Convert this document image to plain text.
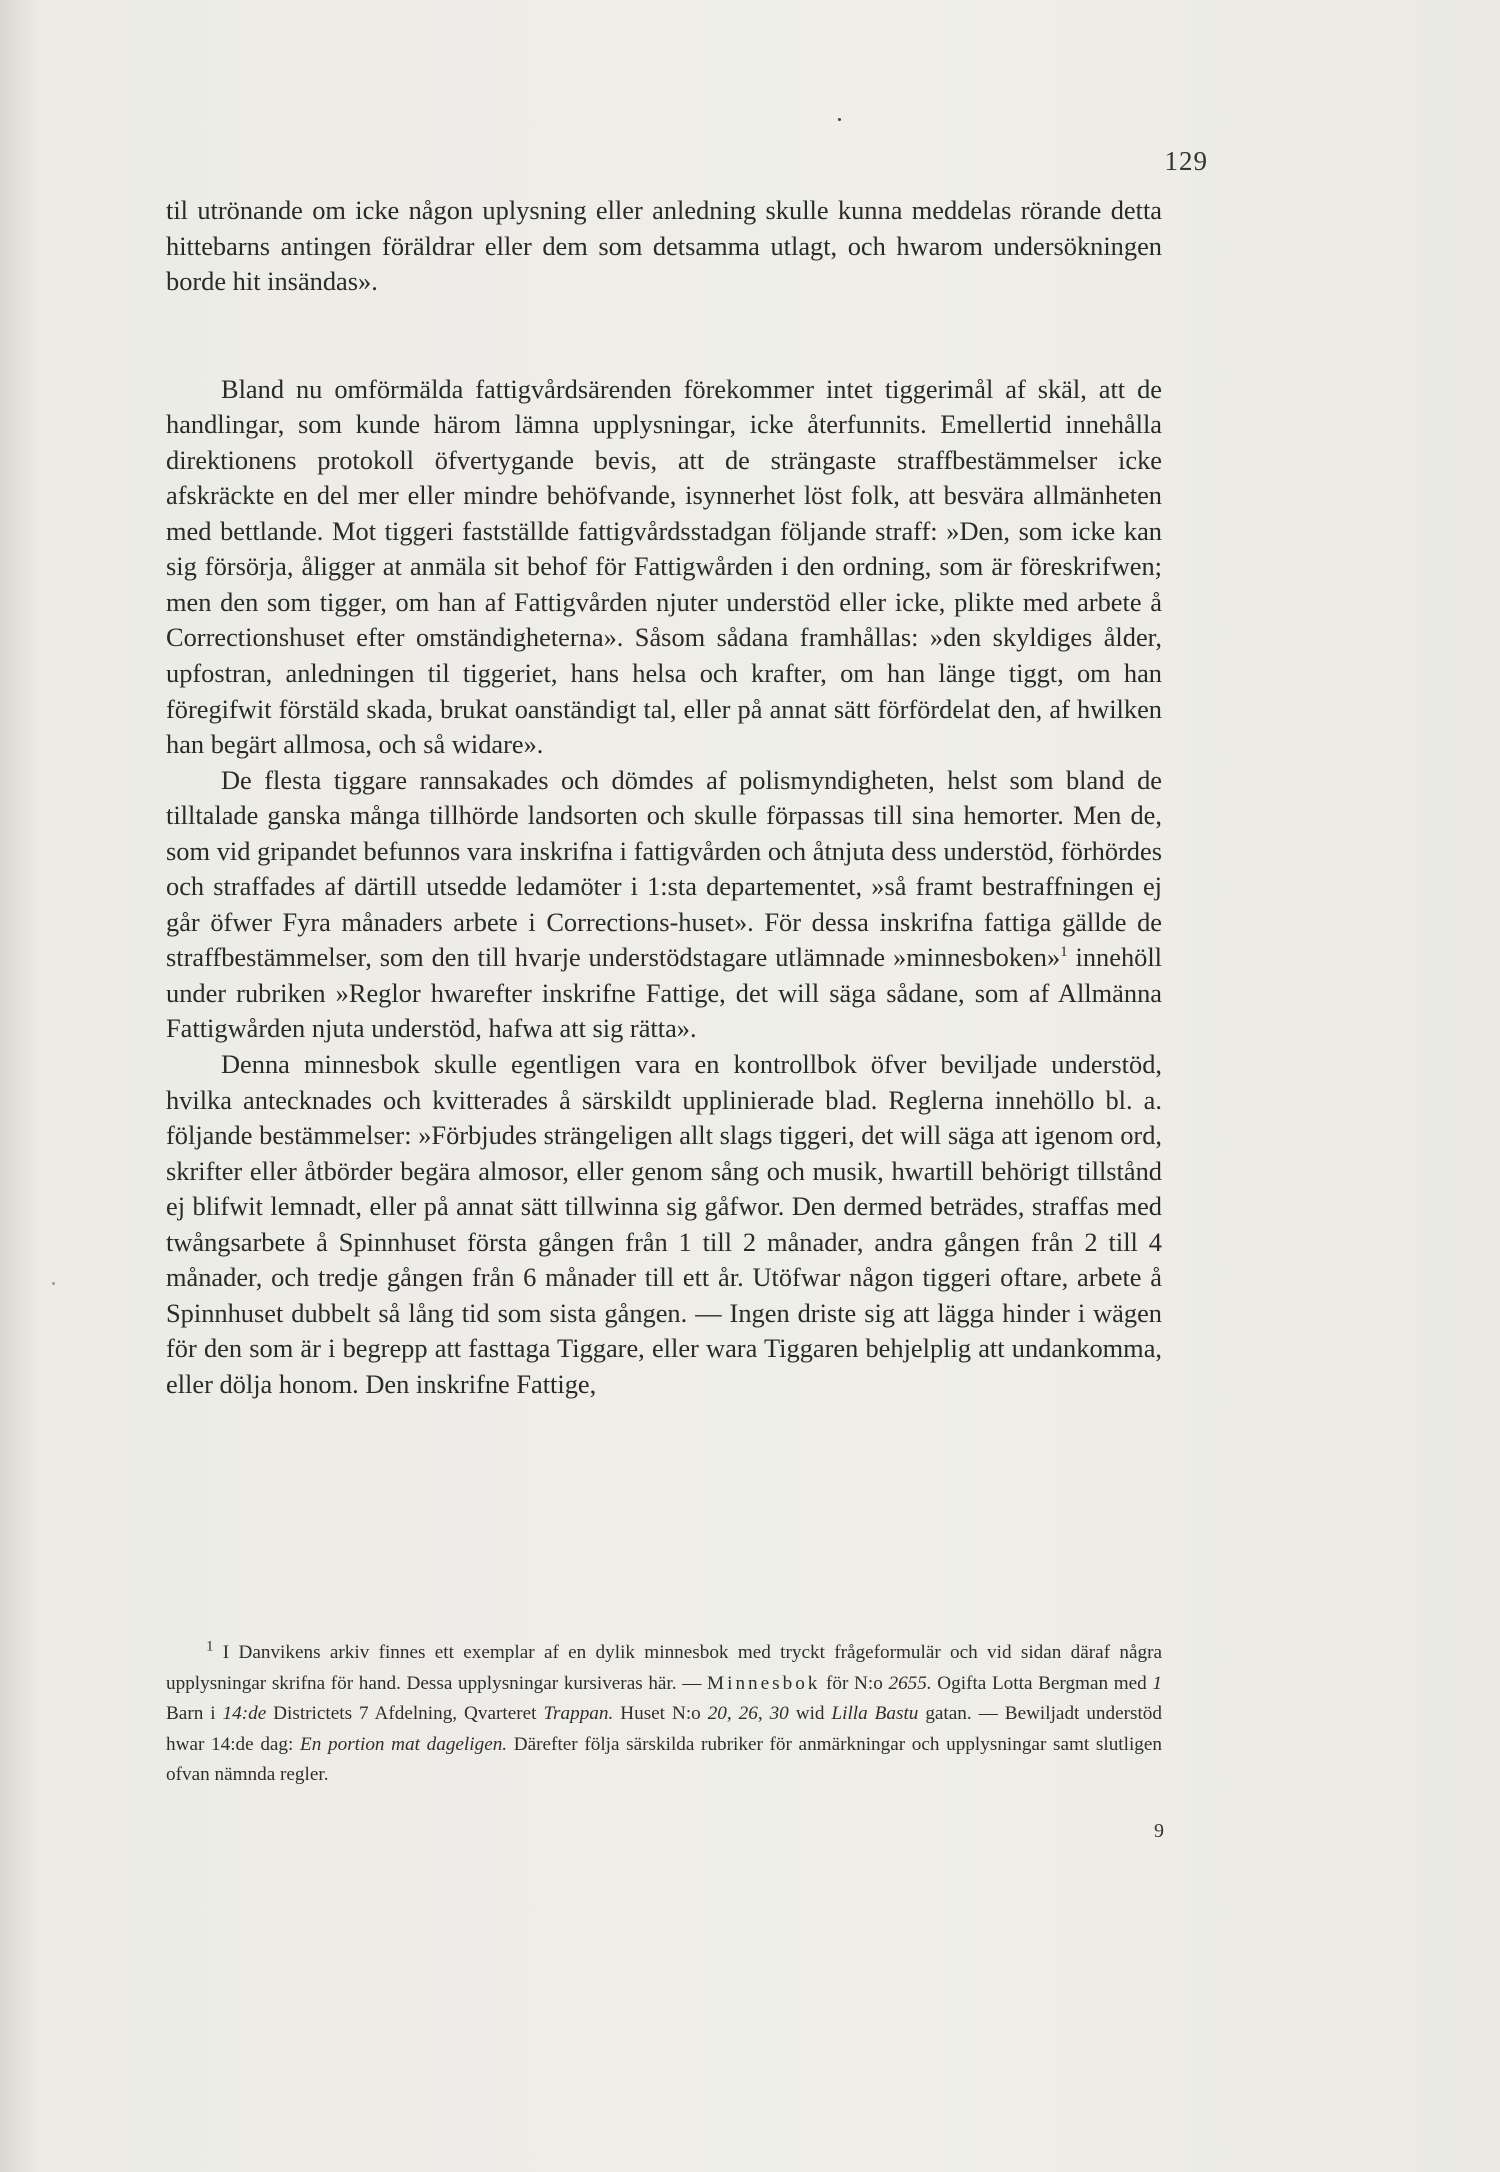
129

til utrönande om icke någon uplysning eller anledning skulle kunna meddelas rörande detta hittebarns antingen föräldrar eller dem som detsamma utlagt, och hwarom undersökningen borde hit insändas».

Bland nu omförmälda fattigvårdsärenden förekommer intet tiggerimål af skäl, att de handlingar, som kunde härom lämna upplysningar, icke återfunnits. Emellertid innehålla direktionens protokoll öfvertygande bevis, att de strängaste straffbestämmelser icke afskräckte en del mer eller mindre behöfvande, isynnerhet löst folk, att besvära allmänheten med bettlande. Mot tiggeri fastställde fattigvårdsstadgan följande straff: »Den, som icke kan sig försörja, åligger at anmäla sit behof för Fattigwården i den ordning, som är föreskrifwen; men den som tigger, om han af Fattigvården njuter understöd eller icke, plikte med arbete å Correctionshuset efter omständigheterna». Såsom sådana framhållas: »den skyldiges ålder, upfostran, anledningen til tiggeriet, hans helsa och krafter, om han länge tiggt, om han föregifwit förstäld skada, brukat oanständigt tal, eller på annat sätt förfördelat den, af hwilken han begärt allmosa, och så widare».

De flesta tiggare rannsakades och dömdes af polismyndigheten, helst som bland de tilltalade ganska många tillhörde landsorten och skulle förpassas till sina hemorter. Men de, som vid gripandet befunnos vara inskrifna i fattigvården och åtnjuta dess understöd, förhördes och straffades af därtill utsedde ledamöter i 1:sta departementet, »så framt bestraffningen ej går öfwer Fyra månaders arbete i Corrections-huset». För dessa inskrifna fattiga gällde de straffbestämmelser, som den till hvarje understödstagare utlämnade »minnesboken»$^1$ innehöll under rubriken »Reglor hwarefter inskrifne Fattige, det will säga sådane, som af Allmänna Fattigwården njuta understöd, hafwa att sig rätta».

Denna minnesbok skulle egentligen vara en kontrollbok öfver beviljade understöd, hvilka antecknades och kvitterades å särskildt upplinierade blad. Reglerna innehöllo bl. a. följande bestämmelser: »Förbjudes strängeligen allt slags tiggeri, det will säga att igenom ord, skrifter eller åtbörder begära almosor, eller genom sång och musik, hwartill behörigt tillstånd ej blifwit lemnadt, eller på annat sätt tillwinna sig gåfwor. Den dermed beträdes, straffas med twångsarbete å Spinnhuset första gången från 1 till 2 månader, andra gången från 2 till 4 månader, och tredje gången från 6 månader till ett år. Utöfwar någon tiggeri oftare, arbete å Spinnhuset dubbelt så lång tid som sista gången. — Ingen driste sig att lägga hinder i wägen för den som är i begrepp att fasttaga Tiggare, eller wara Tiggaren behjelplig att undankomma, eller dölja honom. Den inskrifne Fattige,

$^1$ I Danvikens arkiv finnes ett exemplar af en dylik minnesbok med tryckt frågeformulär och vid sidan däraf några upplysningar skrifna för hand. Dessa upplysningar kursiveras här. — Minnesbok för N:o 2655. Ogifta Lotta Bergman med 1 Barn i 14:de Districtets 7 Afdelning, Qvarteret Trappan. Huset N:o 20, 26, 30 wid Lilla Bastu gatan. — Bewiljadt understöd hwar 14:de dag: En portion mat dageligen. Därefter följa särskilda rubriker för anmärkningar och upplysningar samt slutligen ofvan nämnda regler.

9
